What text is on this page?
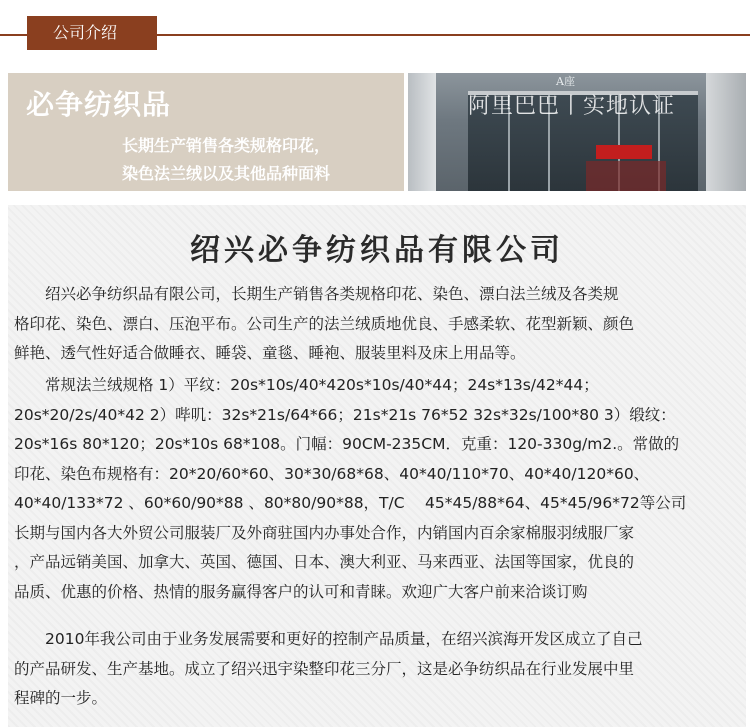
公司介绍
必争纺织品
长期生产销售各类规格印花，
染色法兰绒以及其他品种面料
A座
阿里巴巴丨实地认证
绍兴必争纺织品有限公司
　　绍兴必争纺织品有限公司，长期生产销售各类规格印花、染色、漂白法兰绒及各类规
格印花、染色、漂白、压泡平布。公司生产的法兰绒质地优良、手感柔软、花型新颖、颜色
鲜艳、透气性好适合做睡衣、睡袋、童毯、睡袍、服装里料及床上用品等。
　　常规法兰绒规格 1）平纹：20s*10s/40*420s*10s/40*44；24s*13s/42*44；
20s*20/2s/40*42 2）哔叽：32s*21s/64*66；21s*21s 76*52 32s*32s/100*80 3）缎纹：
20s*16s 80*120；20s*10s 68*108。门幅：90CM-235CM．克重：120-330g/m2.。常做的
印花、染色布规格有：20*20/60*60、30*30/68*68、40*40/110*70、40*40/120*60、
40*40/133*72 、60*60/90*88 、80*80/90*88，T/C　 45*45/88*64、45*45/96*72等公司
长期与国内各大外贸公司服装厂及外商驻国内办事处合作，内销国内百余家棉服羽绒服厂家
，产品远销美国、加拿大、英国、德国、日本、澳大利亚、马来西亚、法国等国家，优良的
品质、优惠的价格、热情的服务赢得客户的认可和青睐。欢迎广大客户前来洽谈订购
　　2010年我公司由于业务发展需要和更好的控制产品质量，在绍兴滨海开发区成立了自己
的产品研发、生产基地。成立了绍兴迅宇染整印花三分厂，这是必争纺织品在行业发展中里
程碑的一步。
